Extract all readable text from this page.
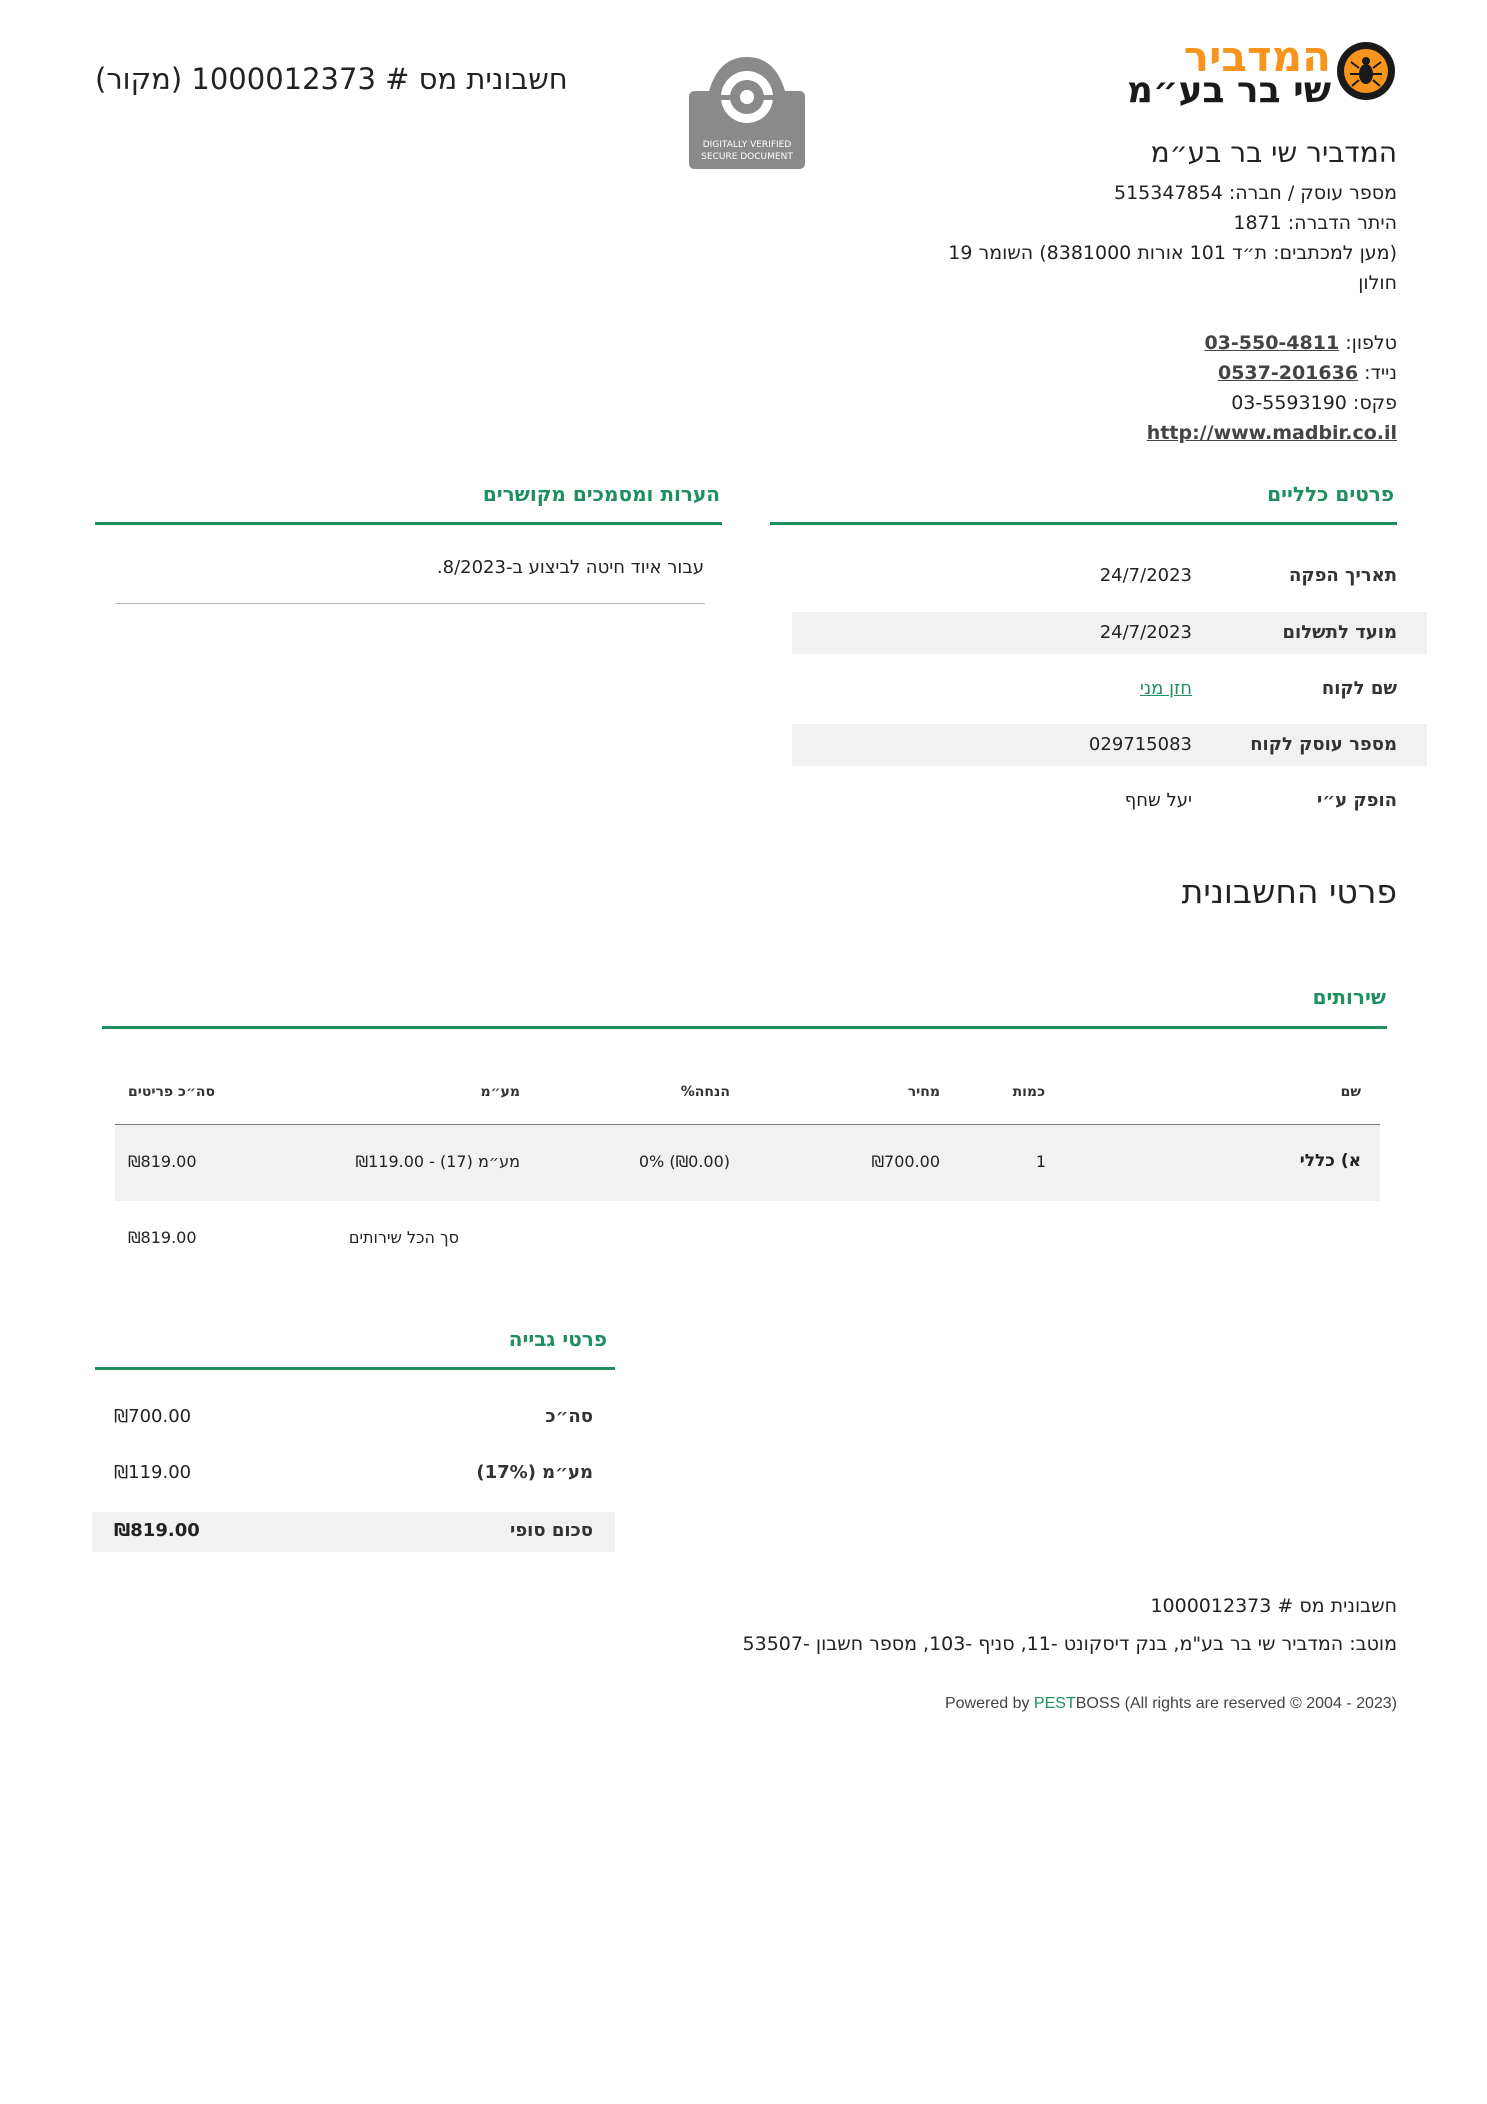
חשבונית מס # 1000012373 (מקור)
DIGITALLY VERIFIED
SECURE DOCUMENT
המדביר
שי בר בע״מ
המדביר שי בר בע״מ
מספר עוסק / חברה: 515347854
היתר הדברה: 1871
(מען למכתבים: ת״ד 101 אורות 8381000) השומר 19
חולון
טלפון: 03-550-4811
נייד: 0537-201636
פקס: 03-5593190
http://www.madbir.co.il
פרטים כלליים
תאריך הפקה
24/7/2023
מועד לתשלום
24/7/2023
שם לקוח
חזן מני
מספר עוסק לקוח
029715083
הופק ע״י
יעל שחף
הערות ומסמכים מקושרים
עבור איוד חיטה לביצוע ב-8/2023.
פרטי החשבונית
שירותים
שם
כמות
מחיר
הנחה%
מע״מ
סה״כ פריטים
א) כללי
1
₪700.00
0% (₪0.00)
מע״מ (17) - ₪119.00
₪819.00
סך הכל שירותים
₪819.00
פרטי גבייה
סה״כ
₪700.00
מע״מ (17%)
₪119.00
סכום סופי
₪819.00
חשבונית מס # 1000012373
מוטב: המדביר שי בר בע"מ, בנק דיסקונט -11, סניף -103, מספר חשבון -53507
Powered by PESTBOSS (All rights are reserved © 2004 - 2023)
